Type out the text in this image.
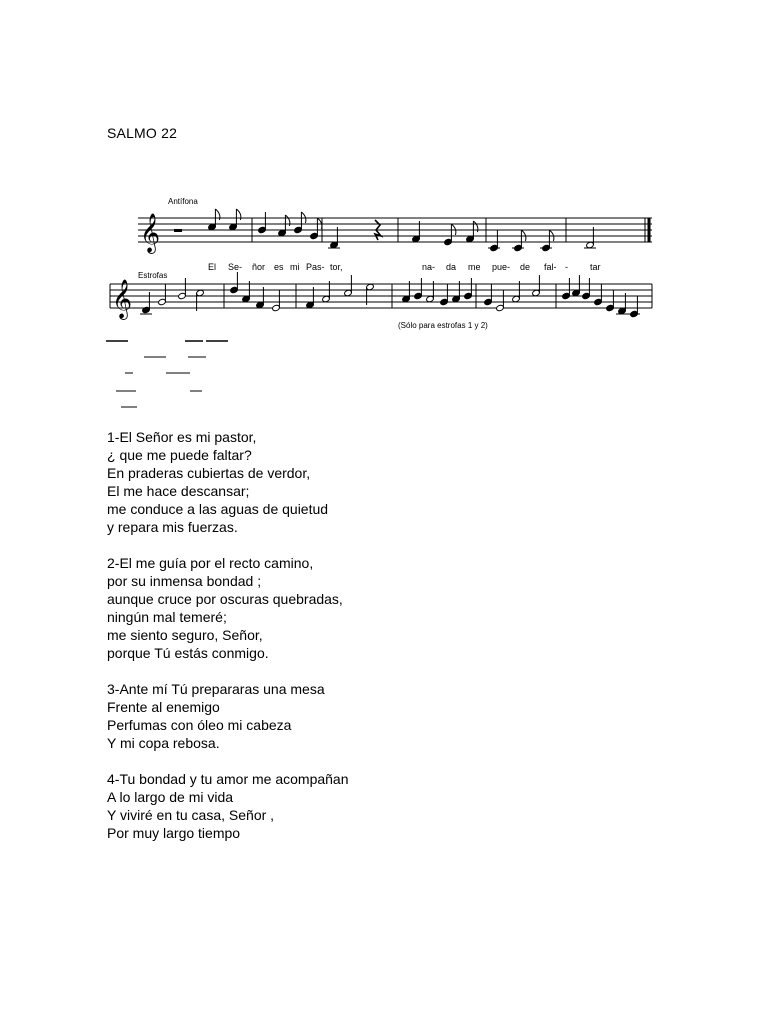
SALMO 22
Antífona
𝄞
El Se- ñor es mi Pas- tor,	na- da me pue- de fal- - tar
Estrofas
𝄞
(Sólo para estrofas 1 y 2)
1-El Señor es mi pastor,
¿ que me puede faltar?
En praderas cubiertas de verdor,
El me hace descansar;
me conduce a las aguas de quietud
y repara mis fuerzas.
2-El me guía por el recto camino,
por su inmensa bondad ;
aunque cruce por oscuras quebradas,
ningún mal temeré;
me siento seguro, Señor,
porque Tú estás conmigo.
3-Ante mí Tú prepararas una mesa
Frente al enemigo
Perfumas con óleo mi cabeza
Y mi copa rebosa.
4-Tu bondad y tu amor me acompañan
A lo largo de mi vida
Y viviré en tu casa, Señor ,
Por muy largo tiempo
